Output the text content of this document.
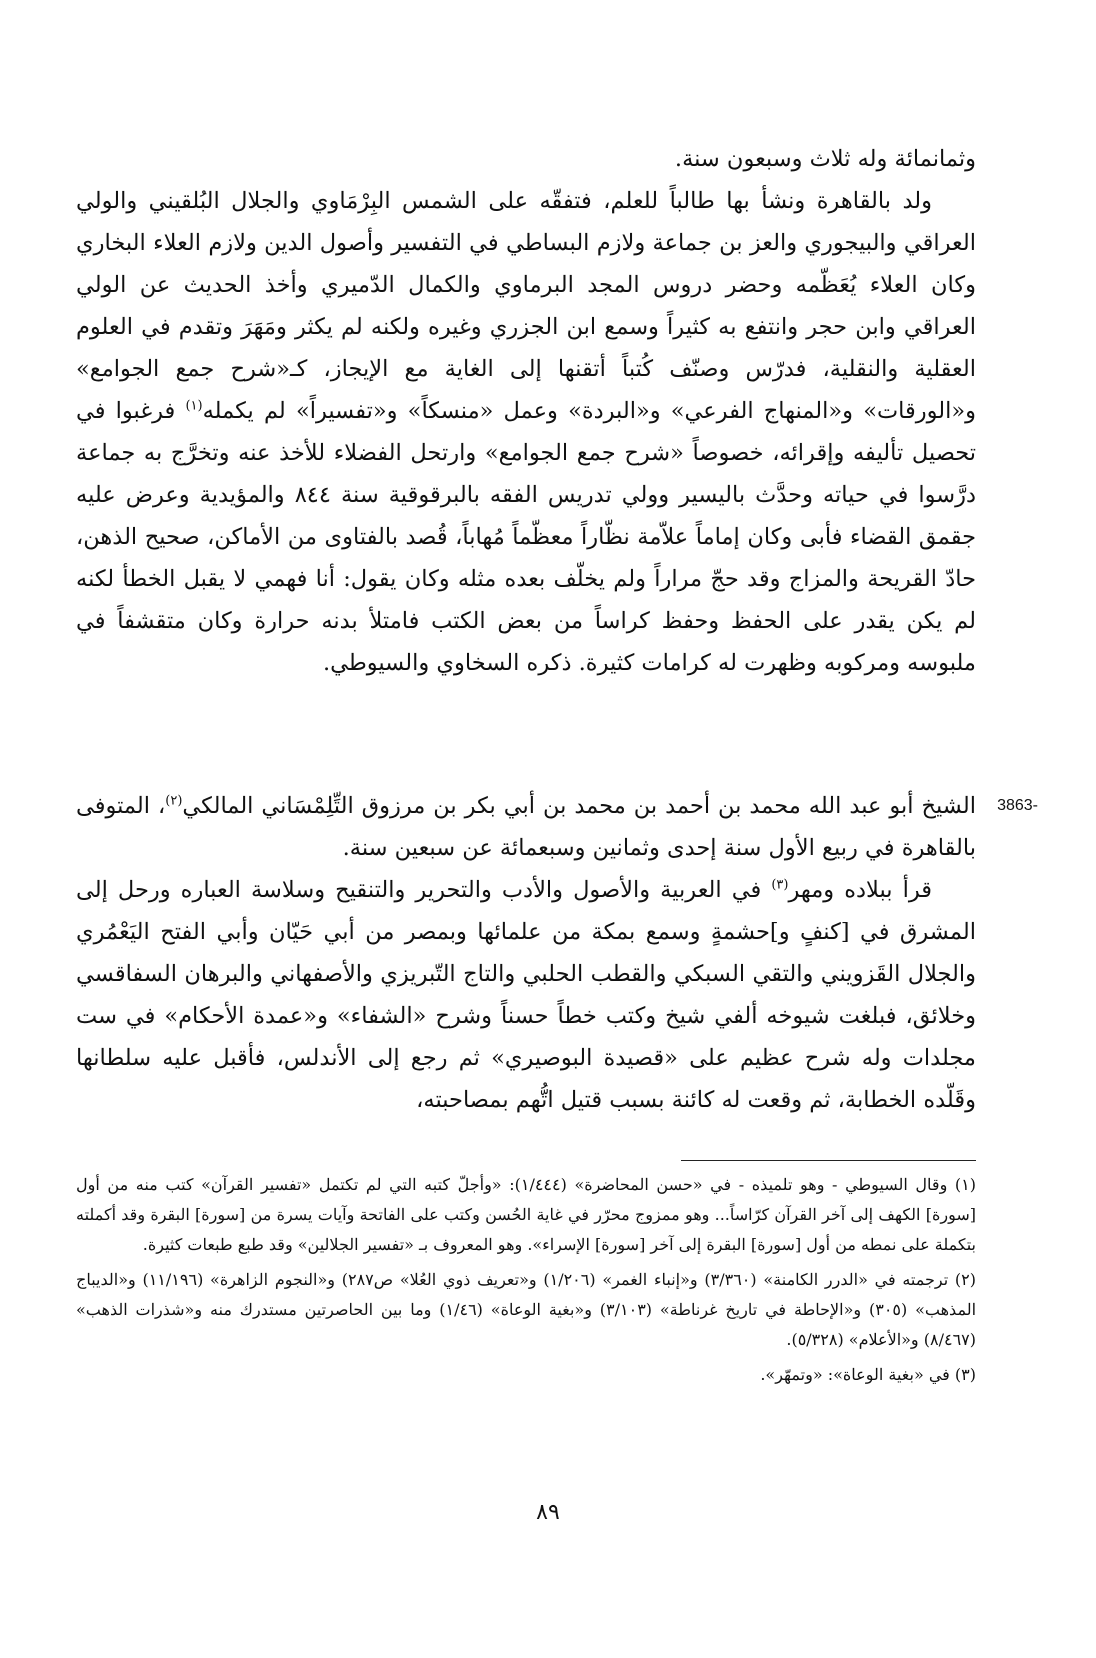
وثمانمائة وله ثلاث وسبعون سنة.

ولد بالقاهرة ونشأ بها طالباً للعلم، فتفقّه على الشمس البِرْمَاوي والجلال البُلقيني والولي العراقي والبيجوري والعز بن جماعة ولازم البساطي في التفسير وأصول الدين ولازم العلاء البخاري وكان العلاء يُعَظّمه وحضر دروس المجد البرماوي والكمال الدّميري وأخذ الحديث عن الولي العراقي وابن حجر وانتفع به كثيراً وسمع ابن الجزري وغيره ولكنه لم يكثر ومَهَرَ وتقدم في العلوم العقلية والنقلية، فدرّس وصنّف كُتباً أتقنها إلى الغاية مع الإيجاز، كـ«شرح جمع الجوامع» و«الورقات» و«المنهاج الفرعي» و«البردة» وعمل «منسكاً» و«تفسيراً» لم يكمله$^{(١)}$ فرغبوا في تحصيل تأليفه وإقرائه، خصوصاً «شرح جمع الجوامع» وارتحل الفضلاء للأخذ عنه وتخرَّج به جماعة درَّسوا في حياته وحدَّث باليسير وولي تدريس الفقه بالبرقوقية سنة ٨٤٤ والمؤيدية وعرض عليه جقمق القضاء فأبى وكان إماماً علاّمة نظّاراً معظّماً مُهاباً، قُصد بالفتاوى من الأماكن، صحيح الذهن، حادّ القريحة والمزاج وقد حجّ مراراً ولم يخلّف بعده مثله وكان يقول: أنا فهمي لا يقبل الخطأ لكنه لم يكن يقدر على الحفظ وحفظ كراساً من بعض الكتب فامتلأ بدنه حرارة وكان متقشفاً في ملبوسه ومركوبه وظهرت له كرامات كثيرة. ذكره السخاوي والسيوطي.

3863-
الشيخ أبو عبد الله محمد بن أحمد بن محمد بن أبي بكر بن مرزوق التِّلِمْسَاني المالكي$^{(٢)}$، المتوفى بالقاهرة في ربيع الأول سنة إحدى وثمانين وسبعمائة عن سبعين سنة.

قرأ ببلاده ومهر$^{(٣)}$ في العربية والأصول والأدب والتحرير والتنقيح وسلاسة العباره ورحل إلى المشرق في [كنفٍ و]حشمةٍ وسمع بمكة من علمائها وبمصر من أبي حَيّان وأبي الفتح اليَعْمُري والجلال القَزويني والتقي السبكي والقطب الحلبي والتاج التّبريزي والأصفهاني والبرهان السفاقسي وخلائق، فبلغت شيوخه ألفي شيخ وكتب خطاً حسناً وشرح «الشفاء» و«عمدة الأحكام» في ست مجلدات وله شرح عظيم على «قصيدة البوصيري» ثم رجع إلى الأندلس، فأقبل عليه سلطانها وقَلّده الخطابة، ثم وقعت له كائنة بسبب قتيل اتُّهم بمصاحبته،

(١) وقال السيوطي - وهو تلميذه - في «حسن المحاضرة» (١/٤٤٤): «وأجلّ كتبه التي لم تكتمل «تفسير القرآن» كتب منه من أول [سورة] الكهف إلى آخر القرآن كرّاساً... وهو ممزوج محرّر في غاية الحُسن وكتب على الفاتحة وآيات يسرة من [سورة] البقرة وقد أكملته بتكملة على نمطه من أول [سورة] البقرة إلى آخر [سورة] الإسراء». وهو المعروف بـ «تفسير الجلالين» وقد طبع طبعات كثيرة.

(٢) ترجمته في «الدرر الكامنة» (٣/٣٦٠) و«إنباء الغمر» (١/٢٠٦) و«تعريف ذوي العُلا» ص٢٨٧) و«النجوم الزاهرة» (١١/١٩٦) و«الديباج المذهب» (٣٠٥) و«الإحاطة في تاريخ غرناطة» (٣/١٠٣) و«بغية الوعاة» (١/٤٦) وما بين الحاصرتين مستدرك منه و«شذرات الذهب» (٨/٤٦٧) و«الأعلام» (٥/٣٢٨).

(٣) في «بغية الوعاة»: «وتمهّر».

٨٩
